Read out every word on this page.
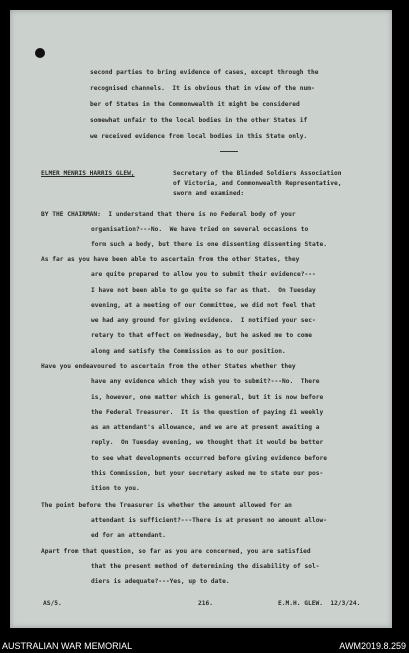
second parties to bring evidence of cases, except through the
recognised channels.  It is obvious that in view of the num-
ber of States in the Commonwealth it might be considered
somewhat unfair to the local bodies in the other States if
we received evidence from local bodies in this State only.
ELMER MENRIS HARRIS GLEW,	Secretary of the Blinded Soldiers Association
of Victoria, and Commonwealth Representative,
sworn and examined:
BY THE CHAIRMAN:  I understand that there is no Federal body of your
organisation?---No.  We have tried on several occasions to
form such a body, but there is one dissenting dissenting State.
As far as you have been able to ascertain from the other States, they
are quite prepared to allow you to submit their evidence?---
I have not been able to go quite so far as that.  On Tuesday
evening, at a meeting of our Committee, we did not feel that
we had any ground for giving evidence.  I notified your sec-
retary to that effect on Wednesday, but he asked me to come
along and satisfy the Commission as to our position.
Have you endeavoured to ascertain from the other States whether they
have any evidence which they wish you to submit?---No.  There
is, however, one matter which is general, but it is now before
the Federal Treasurer.  It is the question of paying £1 weekly
as an attendant's allowance, and we are at present awaiting a
reply.  On Tuesday evening, we thought that it would be better
to see what developments occurred before giving evidence before
this Commission, but your secretary asked me to state our pos-
ition to you.
The point before the Treasurer is whether the amount allowed for an
attendant is sufficient?---There is at present no amount allow-
ed for an attendant.
Apart from that question, so far as you are concerned, you are satisfied
that the present method of determining the disability of sol-
diers is adequate?---Yes, up to date.
AS/5.	216.	E.M.H. GLEW.  12/3/24.
AUSTRALIAN WAR MEMORIAL	AWM2019.8.259
